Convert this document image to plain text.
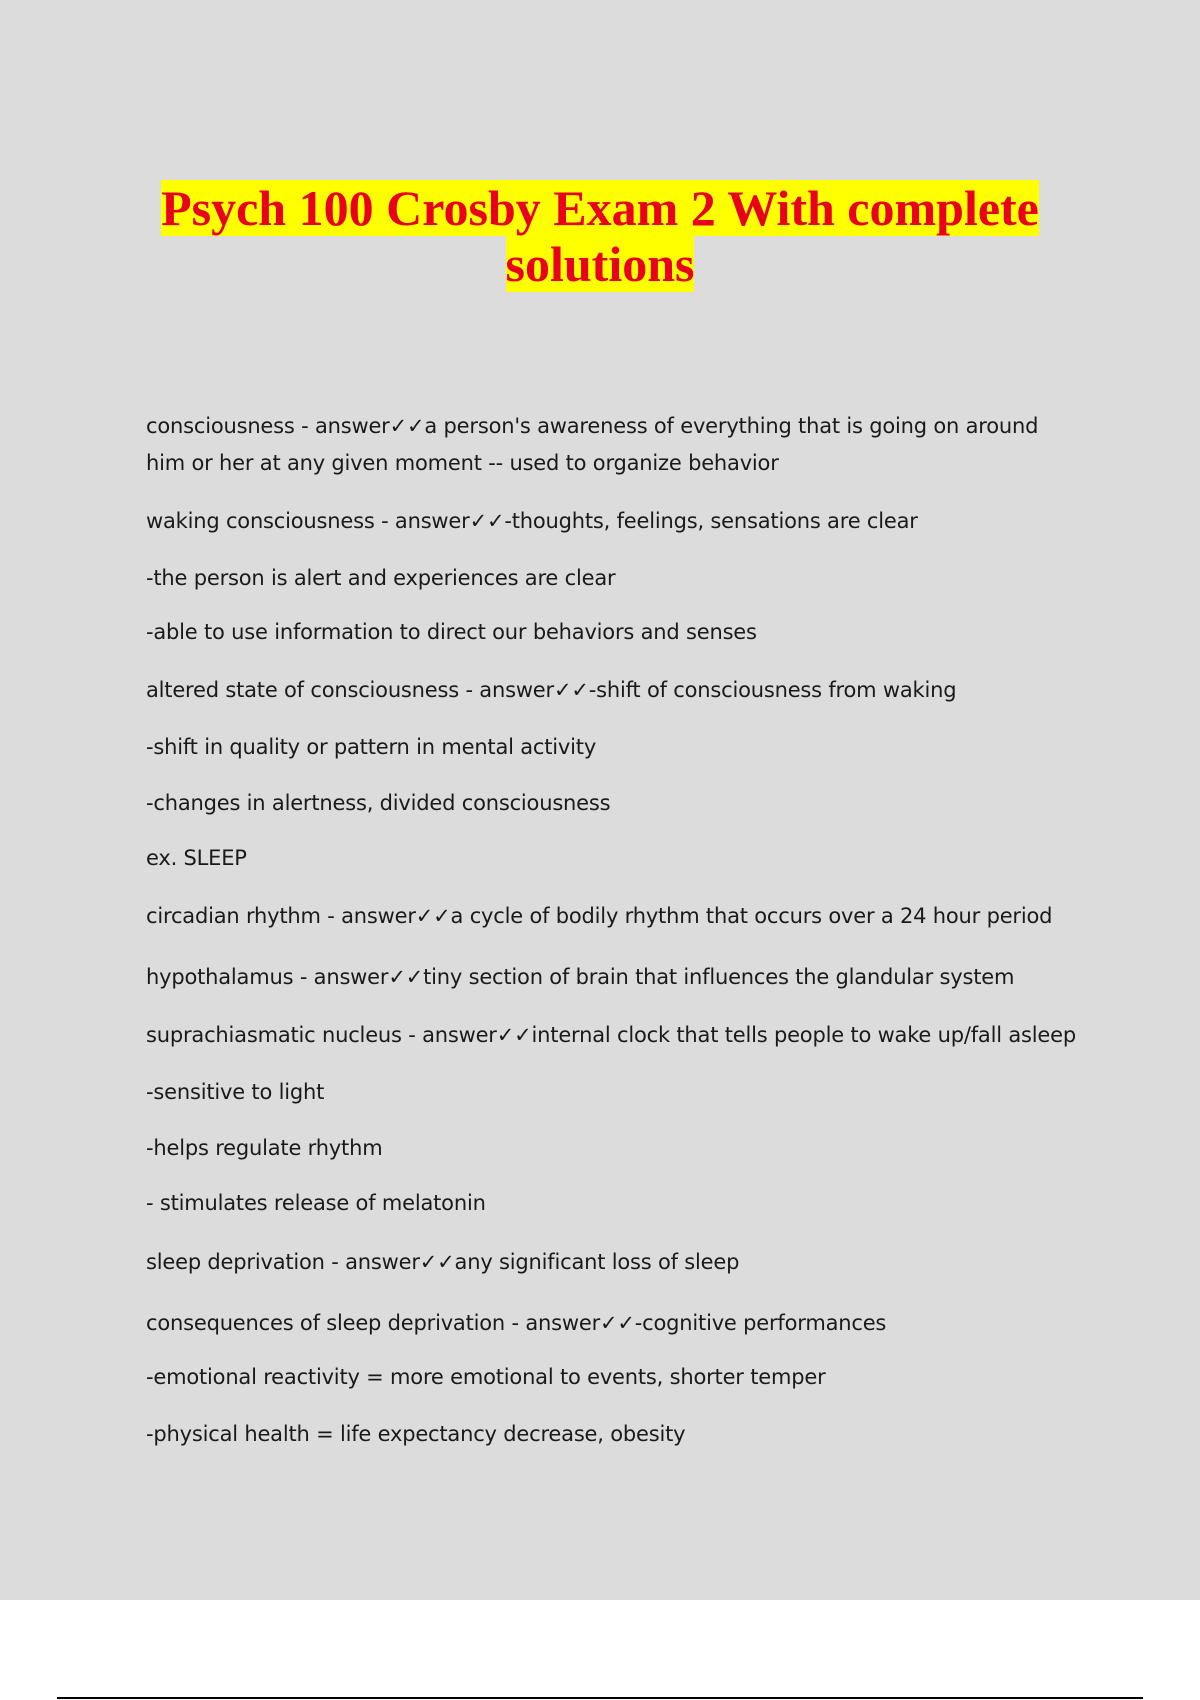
Psych 100 Crosby Exam 2 With complete
solutions
consciousness - answer✓✓a person's awareness of everything that is going on around him or her at any given moment -- used to organize behavior
waking consciousness - answer✓✓-thoughts, feelings, sensations are clear
-the person is alert and experiences are clear
-able to use information to direct our behaviors and senses
altered state of consciousness - answer✓✓-shift of consciousness from waking
-shift in quality or pattern in mental activity
-changes in alertness, divided consciousness
ex. SLEEP
circadian rhythm - answer✓✓a cycle of bodily rhythm that occurs over a 24 hour period
hypothalamus - answer✓✓tiny section of brain that influences the glandular system
suprachiasmatic nucleus - answer✓✓internal clock that tells people to wake up/fall asleep
-sensitive to light
-helps regulate rhythm
- stimulates release of melatonin
sleep deprivation - answer✓✓any significant loss of sleep
consequences of sleep deprivation - answer✓✓-cognitive performances
-emotional reactivity = more emotional to events, shorter temper
-physical health = life expectancy decrease, obesity
